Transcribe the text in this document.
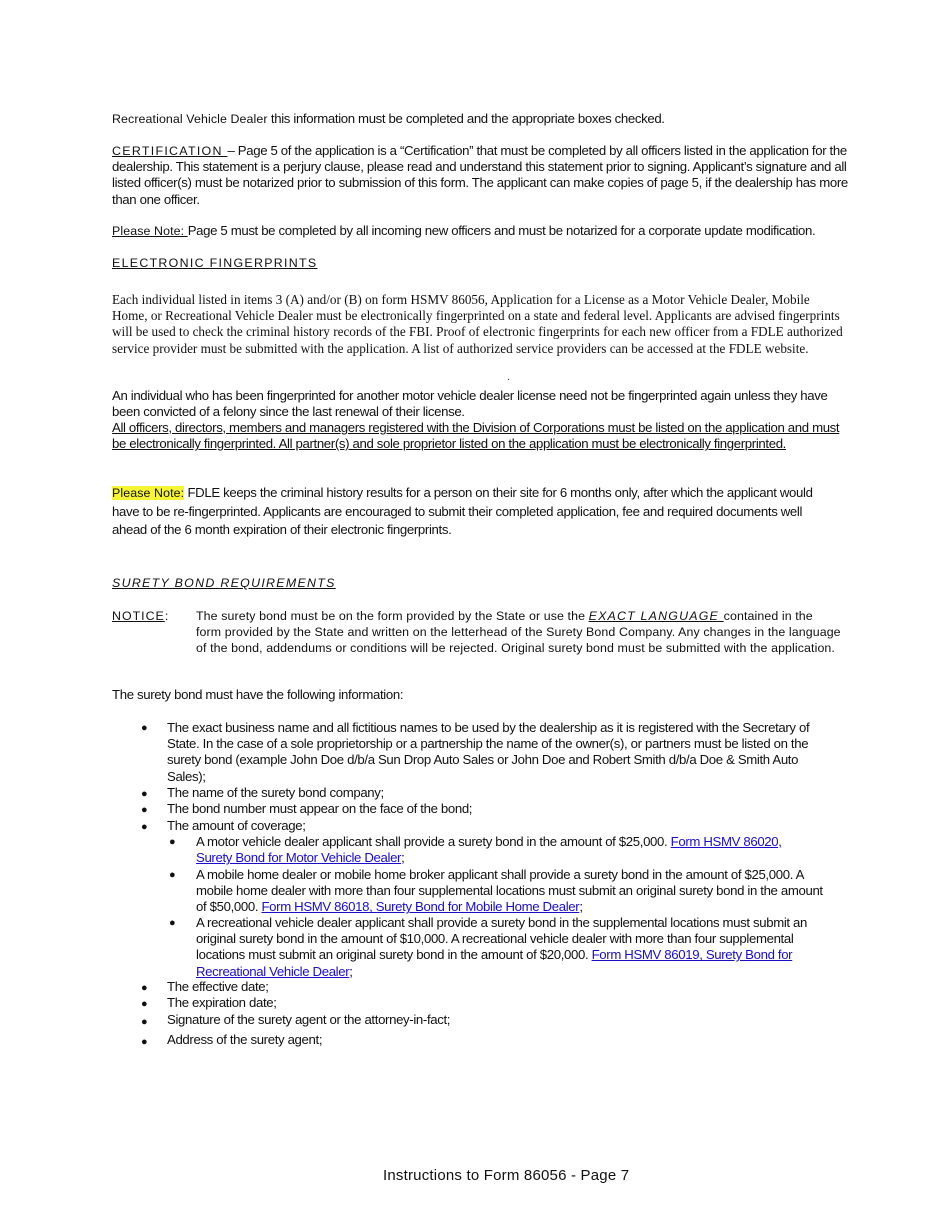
Recreational Vehicle Dealer this information must be completed and the appropriate boxes checked.
CERTIFICATION – Page 5 of the application is a “Certification” that must be completed by all officers listed in the application for the dealership. This statement is a perjury clause, please read and understand this statement prior to signing. Applicant’s signature and all listed officer(s) must be notarized prior to submission of this form. The applicant can make copies of page 5, if the dealership has more than one officer.
Please Note: Page 5 must be completed by all incoming new officers and must be notarized for a corporate update modification.
ELECTRONIC FINGERPRINTS
Each individual listed in items 3 (A) and/or (B) on form HSMV 86056, Application for a License as a Motor Vehicle Dealer, Mobile Home, or Recreational Vehicle Dealer must be electronically fingerprinted on a state and federal level. Applicants are advised fingerprints will be used to check the criminal history records of the FBI. Proof of electronic fingerprints for each new officer from a FDLE authorized service provider must be submitted with the application. A list of authorized service providers can be accessed at the FDLE website.
.
An individual who has been fingerprinted for another motor vehicle dealer license need not be fingerprinted again unless they have been convicted of a felony since the last renewal of their license.
All officers, directors, members and managers registered with the Division of Corporations must be listed on the application and must be electronically fingerprinted. All partner(s) and sole proprietor listed on the application must be electronically fingerprinted.
Please Note: FDLE keeps the criminal history results for a person on their site for 6 months only, after which the applicant would have to be re-fingerprinted. Applicants are encouraged to submit their completed application, fee and required documents well ahead of the 6 month expiration of their electronic fingerprints.
SURETY BOND REQUIREMENTS
NOTICE: The surety bond must be on the form provided by the State or use the EXACT LANGUAGE contained in the form provided by the State and written on the letterhead of the Surety Bond Company. Any changes in the language of the bond, addendums or conditions will be rejected. Original surety bond must be submitted with the application.
The surety bond must have the following information:
● The exact business name and all fictitious names to be used by the dealership as it is registered with the Secretary of State. In the case of a sole proprietorship or a partnership the name of the owner(s), or partners must be listed on the surety bond (example John Doe d/b/a Sun Drop Auto Sales or John Doe and Robert Smith d/b/a Doe & Smith Auto Sales);
● The name of the surety bond company;
● The bond number must appear on the face of the bond;
● The amount of coverage;
● A motor vehicle dealer applicant shall provide a surety bond in the amount of $25,000. Form HSMV 86020, Surety Bond for Motor Vehicle Dealer;
● A mobile home dealer or mobile home broker applicant shall provide a surety bond in the amount of $25,000. A mobile home dealer with more than four supplemental locations must submit an original surety bond in the amount of $50,000. Form HSMV 86018, Surety Bond for Mobile Home Dealer;
● A recreational vehicle dealer applicant shall provide a surety bond in the supplemental locations must submit an original surety bond in the amount of $10,000. A recreational vehicle dealer with more than four supplemental locations must submit an original surety bond in the amount of $20,000. Form HSMV 86019, Surety Bond for Recreational Vehicle Dealer;
● The effective date;
● The expiration date;
● Signature of the surety agent or the attorney-in-fact;
● Address of the surety agent;
Instructions to Form 86056 - Page 7
